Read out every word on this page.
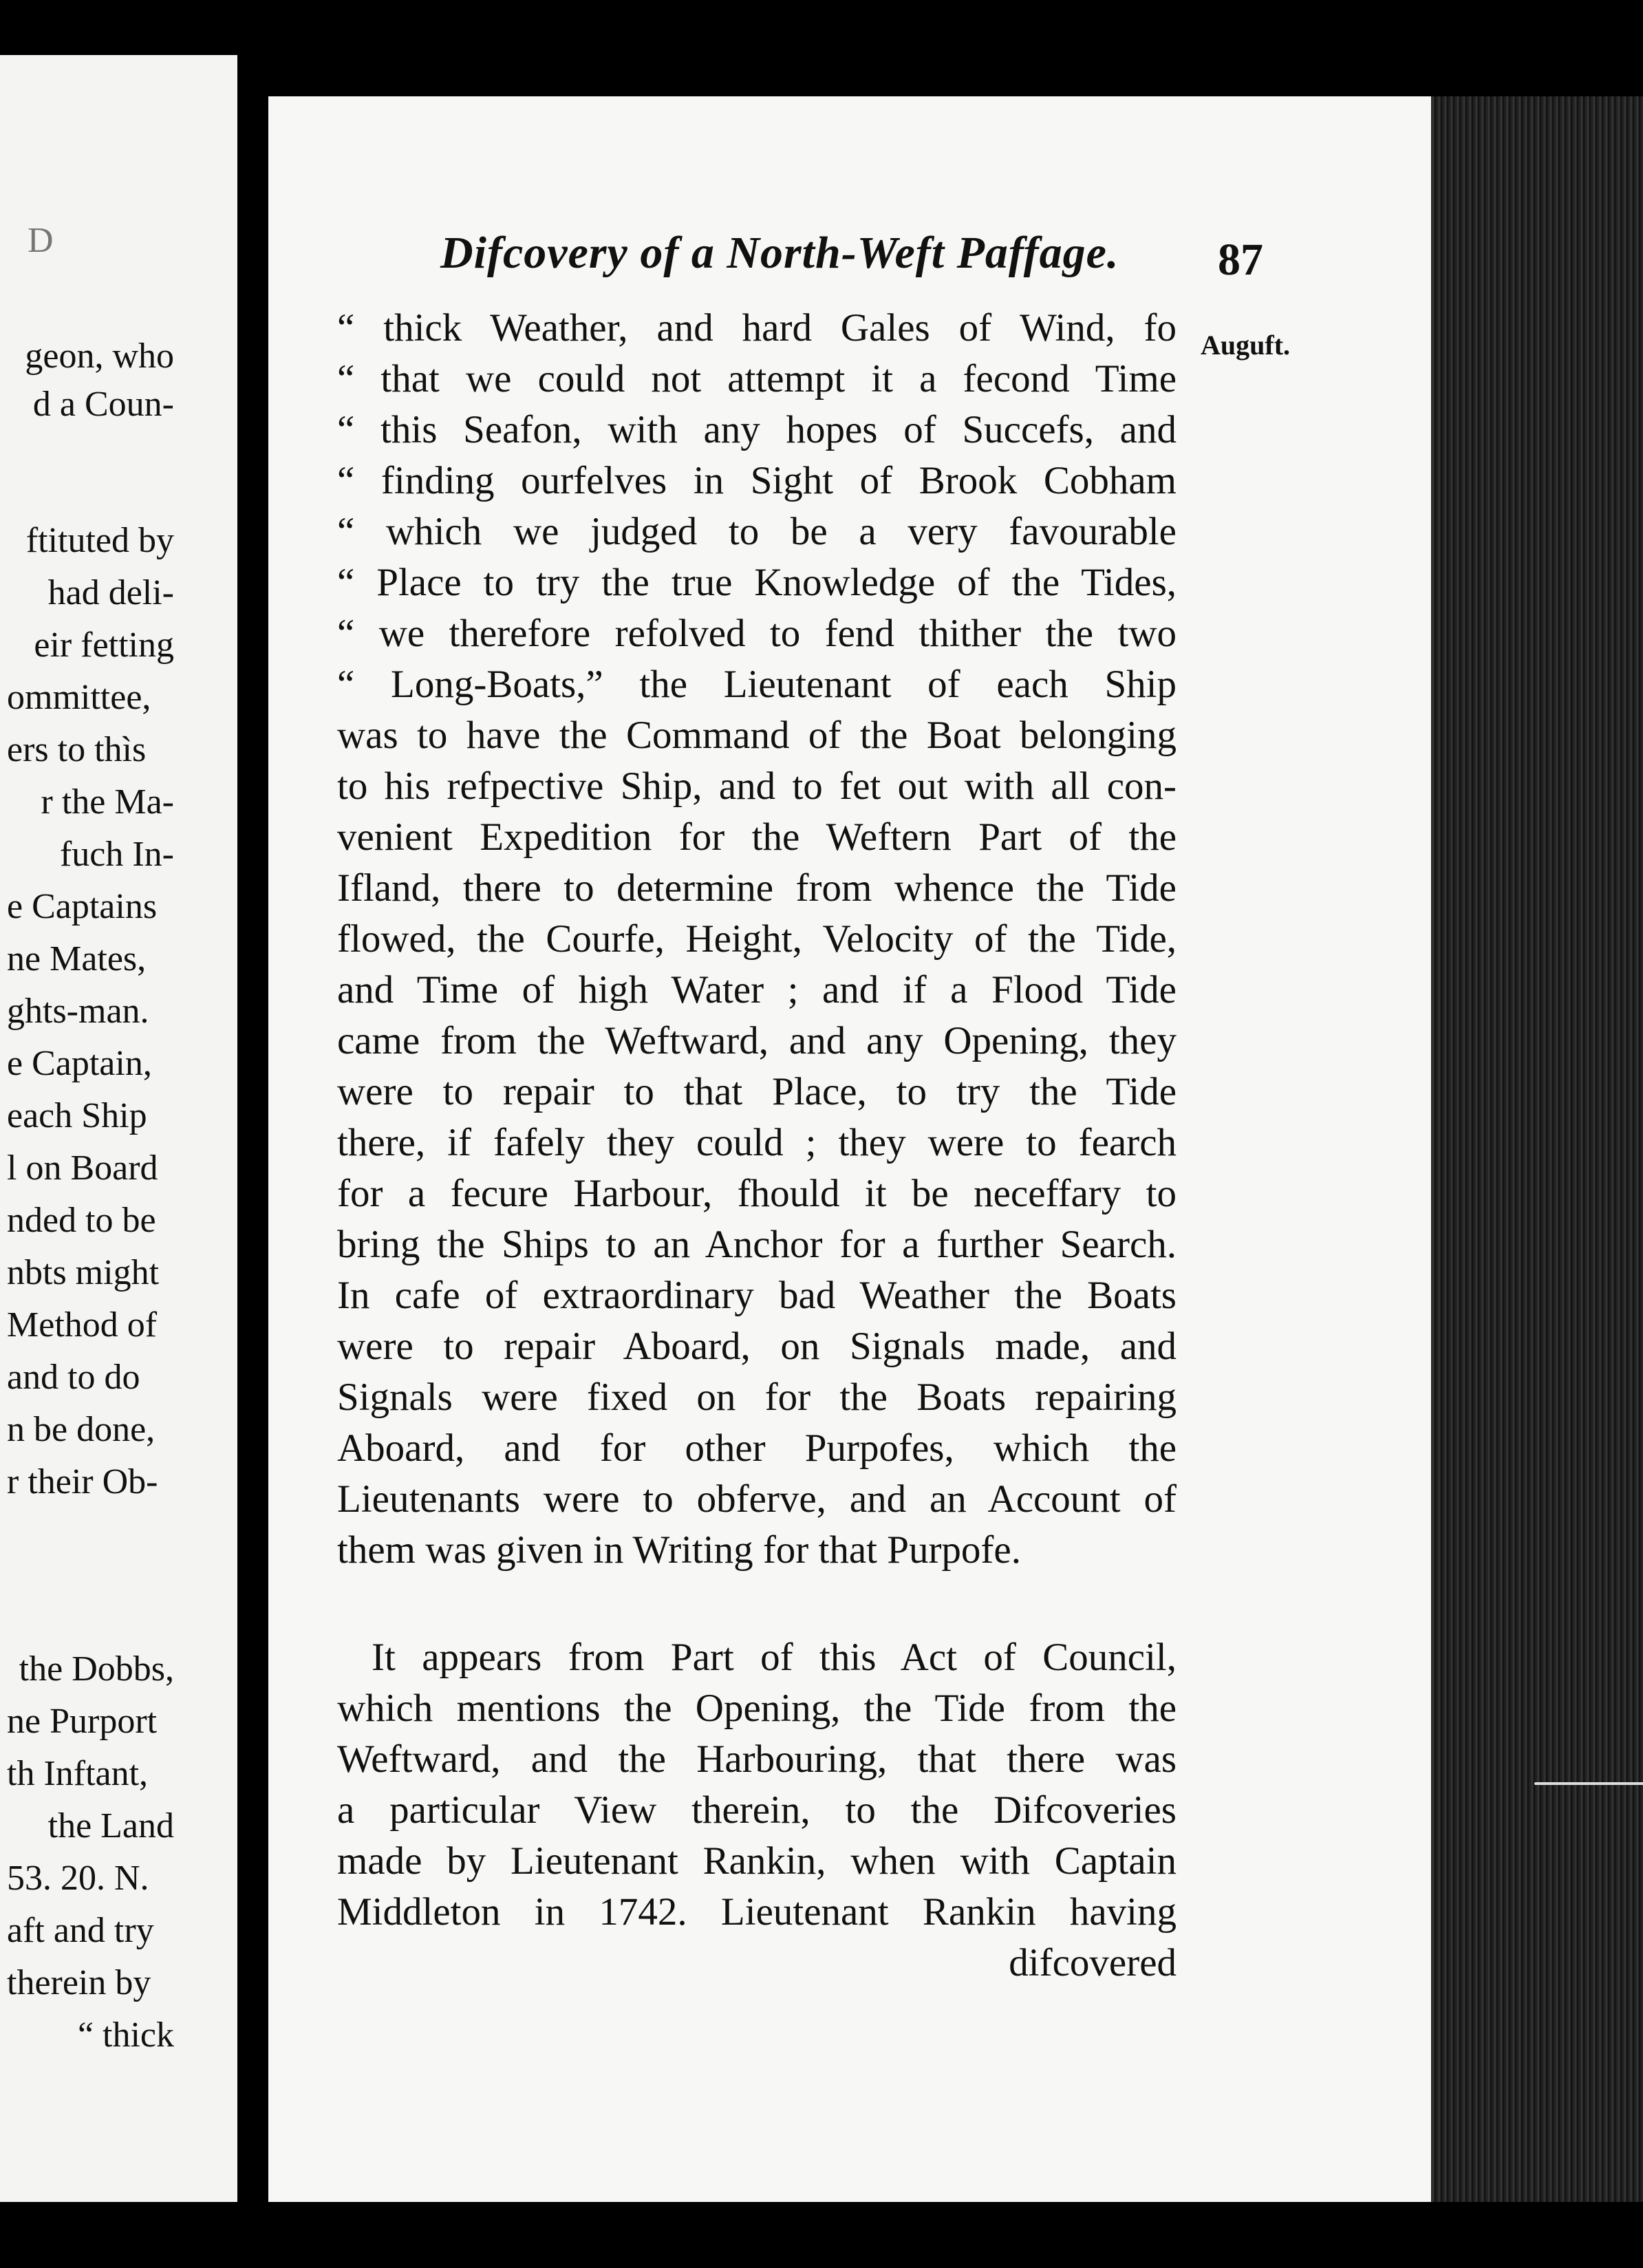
D
geon, who
d a Coun-
ftituted by
had deli-
eir fetting
ommittee,
ers to thìs
r the Ma-
fuch In-
e Captains
ne Mates,
ghts-man.
e Captain,
each Ship
l on Board
nded to be
nbts might
Method of
and to do
n be done,
r their Ob-
the Dobbs,
ne Purport
th Inftant,
the Land
53. 20. N.
aft and try
therein by
“ thick
Difcovery of a North-Weft Paffage. 87
Auguft.
“ thick Weather, and hard Gales of Wind, fo
“ that we could not attempt it a fecond Time
“ this Seafon, with any hopes of Succefs, and
“ finding ourfelves in Sight of Brook Cobham
“ which we judged to be a very favourable
“ Place to try the true Knowledge of the Tides,
“ we therefore refolved to fend thither the two
“ Long-Boats,” the Lieutenant of each Ship
was to have the Command of the Boat belonging
to his refpective Ship, and to fet out with all con-
venient Expedition for the Weftern Part of the
Ifland, there to determine from whence the Tide
flowed, the Courfe, Height, Velocity of the Tide,
and Time of high Water ; and if a Flood Tide
came from the Weftward, and any Opening, they
were to repair to that Place, to try the Tide
there, if fafely they could ; they were to fearch
for a fecure Harbour, fhould it be neceffary to
bring the Ships to an Anchor for a further Search.
In cafe of extraordinary bad Weather the Boats
were to repair Aboard, on Signals made, and
Signals were fixed on for the Boats repairing
Aboard, and for other Purpofes, which the
Lieutenants were to obferve, and an Account of
them was given in Writing for that Purpofe.
It appears from Part of this Act of Council,
which mentions the Opening, the Tide from the
Weftward, and the Harbouring, that there was
a particular View therein, to the Difcoveries
made by Lieutenant Rankin, when with Captain
Middleton in 1742. Lieutenant Rankin having
difcovered
